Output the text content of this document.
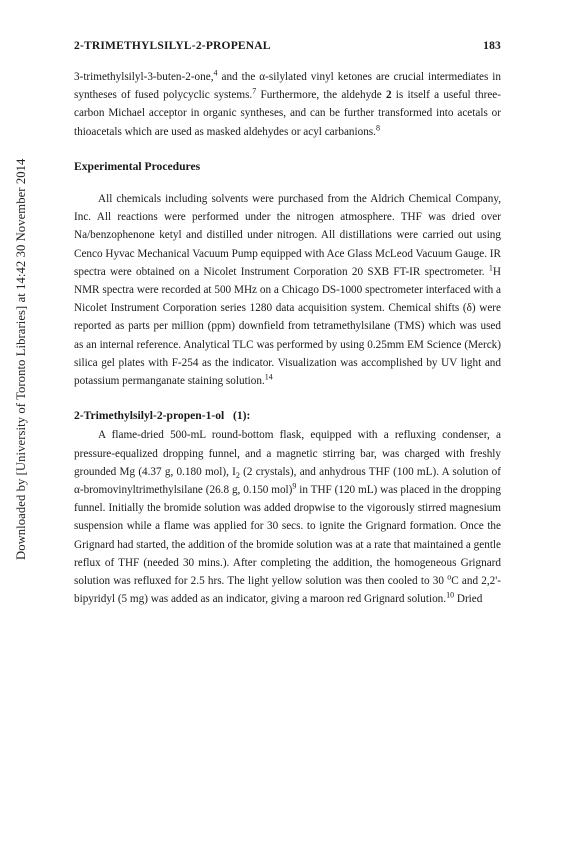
Downloaded by [University of Toronto Libraries] at 14:42 30 November 2014
2-TRIMETHYLSILYL-2-PROPENAL	183

3-trimethylsilyl-3-buten-2-one,$^4$ and the α-silylated vinyl ketones are crucial intermediates in syntheses of fused polycyclic systems.$^7$ Furthermore, the aldehyde 2 is itself a useful three-carbon Michael acceptor in organic syntheses, and can be further transformed into acetals or thioacetals which are used as masked aldehydes or acyl carbanions.$^8$

Experimental Procedures

All chemicals including solvents were purchased from the Aldrich Chemical Company, Inc. All reactions were performed under the nitrogen atmosphere. THF was dried over Na/benzophenone ketyl and distilled under nitrogen. All distillations were carried out using Cenco Hyvac Mechanical Vacuum Pump equipped with Ace Glass McLeod Vacuum Gauge. IR spectra were obtained on a Nicolet Instrument Corporation 20 SXB FT-IR spectrometer. $^1$H NMR spectra were recorded at 500 MHz on a Chicago DS-1000 spectrometer interfaced with a Nicolet Instrument Corporation series 1280 data acquisition system. Chemical shifts (δ) were reported as parts per million (ppm) downfield from tetramethylsilane (TMS) which was used as an internal reference. Analytical TLC was performed by using 0.25mm EM Science (Merck) silica gel plates with F-254 as the indicator. Visualization was accomplished by UV light and potassium permanganate staining solution.$^{14}$

2-Trimethylsilyl-2-propen-1-ol (1):

A flame-dried 500-mL round-bottom flask, equipped with a refluxing condenser, a pressure-equalized dropping funnel, and a magnetic stirring bar, was charged with freshly grounded Mg (4.37 g, 0.180 mol), $I_2$ (2 crystals), and anhydrous THF (100 mL). A solution of α-bromovinyltrimethylsilane (26.8 g, 0.150 mol)$^9$ in THF (120 mL) was placed in the dropping funnel. Initially the bromide solution was added dropwise to the vigorously stirred magnesium suspension while a flame was applied for 30 secs. to ignite the Grignard formation. Once the Grignard had started, the addition of the bromide solution was at a rate that maintained a gentle reflux of THF (needed 30 mins.). After completing the addition, the homogeneous Grignard solution was refluxed for 2.5 hrs. The light yellow solution was then cooled to 30 $^o$C and 2,2'-bipyridyl (5 mg) was added as an indicator, giving a maroon red Grignard solution.$^{10}$ Dried
